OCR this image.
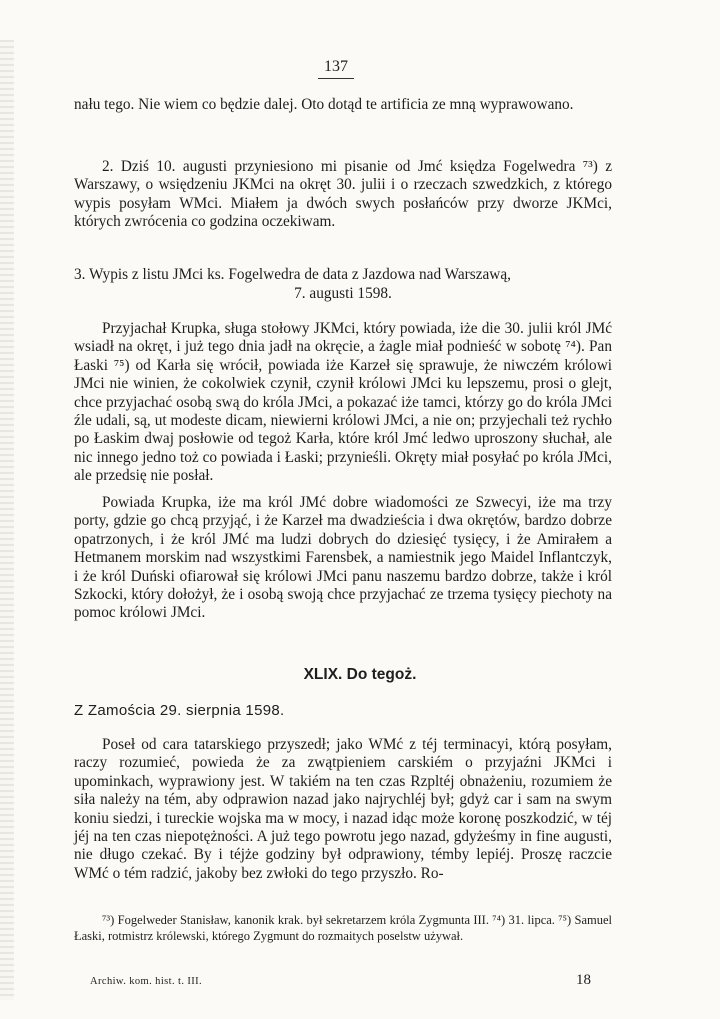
137
nału tego. Nie wiem co będzie dalej. Oto dotąd te artificia ze mną wyprawowano.
2. Dziś 10. augusti przyniesiono mi pisanie od Jmć księdza Fogelwedra ⁷³) z Warszawy, o wsiędzeniu JKMci na okręt 30. julii i o rzeczach szwedzkich, z którego wypis posyłam WMci. Miałem ja dwóch swych posłańców przy dworze JKMci, których zwrócenia co godzina oczekiwam.
3. Wypis z listu JMci ks. Fogelwedra de data z Jazdowa nad Warszawą,
7. augusti 1598.
Przyjachał Krupka, sługa stołowy JKMci, który powiada, iże die 30. julii król JMć wsiadł na okręt, i już tego dnia jadł na okręcie, a żagle miał podnieść w sobotę ⁷⁴). Pan Łaski ⁷⁵) od Karła się wrócił, powiada iże Karzeł się sprawuje, że niwczém królowi JMci nie winien, że cokolwiek czynił, czynił królowi JMci ku lepszemu, prosi o glejt, chce przyjachać osobą swą do króla JMci, a pokazać iże tamci, którzy go do króla JMci źle udali, są, ut modeste dicam, niewierni królowi JMci, a nie on; przyjechali też rychło po Łaskim dwaj posłowie od tegoż Karła, które król Jmć ledwo uproszony słuchał, ale nic innego jedno toż co powiada i Łaski; przynieśli. Okręty miał posyłać po króla JMci, ale przedsię nie posłał.
Powiada Krupka, iże ma król JMć dobre wiadomości ze Szwecyi, iże ma trzy porty, gdzie go chcą przyjąć, i że Karzeł ma dwadzieścia i dwa okrętów, bardzo dobrze opatrzonych, i że król JMć ma ludzi dobrych do dziesięć tysięcy, i że Amirałem a Hetmanem morskim nad wszystkimi Farensbek, a namiestnik jego Maidel Inflantczyk, i że król Duński ofiarował się królowi JMci panu naszemu bardzo dobrze, także i król Szkocki, który dołożył, że i osobą swoją chce przyjachać ze trzema tysięcy piechoty na pomoc królowi JMci.
XLIX. Do tegoż.
Z Zamościa 29. sierpnia 1598.
Poseł od cara tatarskiego przyszedł; jako WMć z téj terminacyi, którą posyłam, raczy rozumieć, powieda że za zwątpieniem carskiém o przyjaźni JKMci i upominkach, wyprawiony jest. W takiém na ten czas Rzpltéj obnażeniu, rozumiem że siła należy na tém, aby odprawion nazad jako najrychléj był; gdyż car i sam na swym koniu siedzi, i tureckie wojska ma w mocy, i nazad idąc może koronę poszkodzić, w téj jéj na ten czas niepotężności. A już tego powrotu jego nazad, gdyżeśmy in fine augusti, nie długo czekać. By i téjże godziny był odprawiony, témby lepiéj. Proszę raczcie WMć o tém radzić, jakoby bez zwłoki do tego przyszło. Ro-
⁷³) Fogelweder Stanisław, kanonik krak. był sekretarzem króla Zygmunta III. ⁷⁴) 31. lipca. ⁷⁵) Samuel Łaski, rotmistrz królewski, którego Zygmunt do rozmaitych poselstw używał.
Archiw. kom. hist. t. III.	18
